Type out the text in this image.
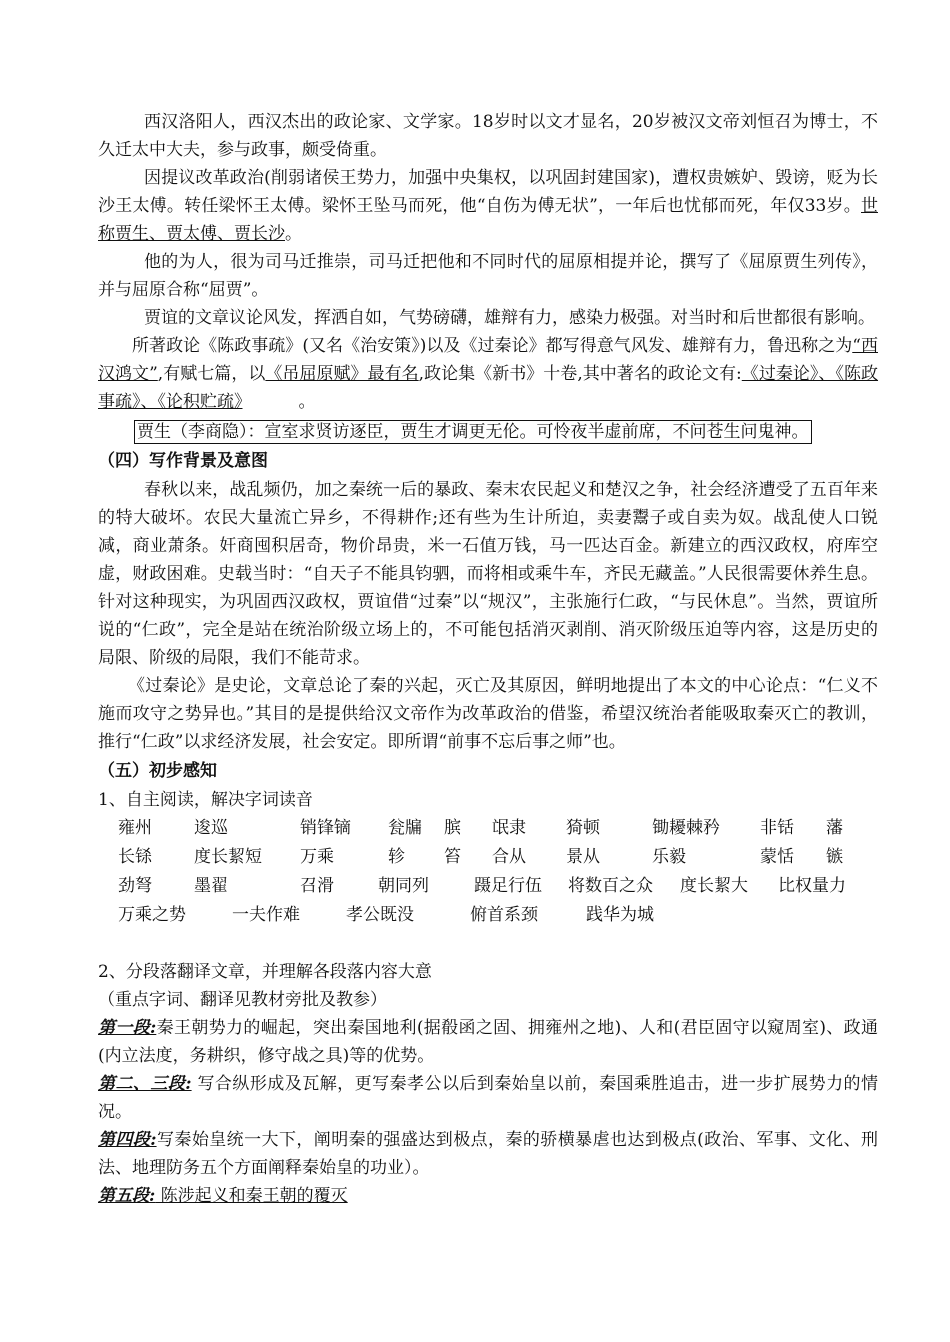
西汉洛阳人，西汉杰出的政论家、文学家。18岁时以文才显名，20岁被汉文帝刘恒召为博士，不久迁太中大夫，参与政事，颇受倚重。

因提议改革政治(削弱诸侯王势力，加强中央集权，以巩固封建国家)，遭权贵嫉妒、毁谤，贬为长沙王太傅。转任梁怀王太傅。梁怀王坠马而死，他“自伤为傅无状”，一年后也忧郁而死，年仅33岁。世称贾生、贾太傅、贾长沙。

他的为人，很为司马迁推崇，司马迁把他和不同时代的屈原相提并论，撰写了《屈原贾生列传》，并与屈原合称“屈贾”。

贾谊的文章议论风发，挥洒自如，气势磅礴，雄辩有力，感染力极强。对当时和后世都很有影响。

所著政论《陈政事疏》(又名《治安策》)以及《过秦论》都写得意气风发、雄辩有力，鲁迅称之为“西汉鸿文”,有赋七篇，以《吊屈原赋》最有名,政论集《新书》十卷,其中著名的政论文有:《过秦论》、《陈政事疏》、《论积贮疏》	。

贾生（李商隐）：宣室求贤访逐臣，贾生才调更无伦。可怜夜半虚前席，不问苍生问鬼神。

（四）写作背景及意图

春秋以来，战乱频仍，加之秦统一后的暴政、秦末农民起义和楚汉之争，社会经济遭受了五百年来的特大破坏。农民大量流亡异乡，不得耕作;还有些为生计所迫，卖妻鬻子或自卖为奴。战乱使人口锐减，商业萧条。奸商囤积居奇，物价昂贵，米一石值万钱，马一匹达百金。新建立的西汉政权，府库空虚，财政困难。史载当时：“自天子不能具钧驷，而将相或乘牛车，齐民无藏盖。”人民很需要休养生息。针对这种现实，为巩固西汉政权，贾谊借“过秦”以“规汉”，主张施行仁政，“与民休息”。当然，贾谊所说的“仁政”，完全是站在统治阶级立场上的，不可能包括消灭剥削、消灭阶级压迫等内容，这是历史的局限、阶级的局限，我们不能苛求。

《过秦论》是史论，文章总论了秦的兴起，灭亡及其原因，鲜明地提出了本文的中心论点：“仁义不施而攻守之势异也。”其目的是提供给汉文帝作为改革政治的借鉴，希望汉统治者能吸取秦灭亡的教训，推行“仁政”以求经济发展，社会安定。即所谓“前事不忘后事之师”也。

（五）初步感知

1、自主阅读，解决字词读音

雍州 逡巡	销锋镝 瓮牖 膑 氓隶 猗顿	锄耰棘矜 非铦 藩
长铩 度长絜短 万乘	轸 笞 合从 景从	乐毅	蒙恬 镞
劲弩 墨翟	召滑	朝同列	蹑足行伍 将数百之众 度长絜大 比权量力
万乘之势	一夫作难	孝公既没	俯首系颈	践华为城

2、分段落翻译文章，并理解各段落内容大意

（重点字词、翻译见教材旁批及教参）

第一段:秦王朝势力的崛起，突出秦国地利(据殽函之固、拥雍州之地)、人和(君臣固守以窥周室)、政通(内立法度，务耕织，修守战之具)等的优势。

第二、三段: 写合纵形成及瓦解，更写秦孝公以后到秦始皇以前，秦国乘胜追击，进一步扩展势力的情况。

第四段:写秦始皇统一大下，阐明秦的强盛达到极点，秦的骄横暴虐也达到极点(政治、军事、文化、刑法、地理防务五个方面阐释秦始皇的功业）。

第五段: 陈涉起义和秦王朝的覆灭
